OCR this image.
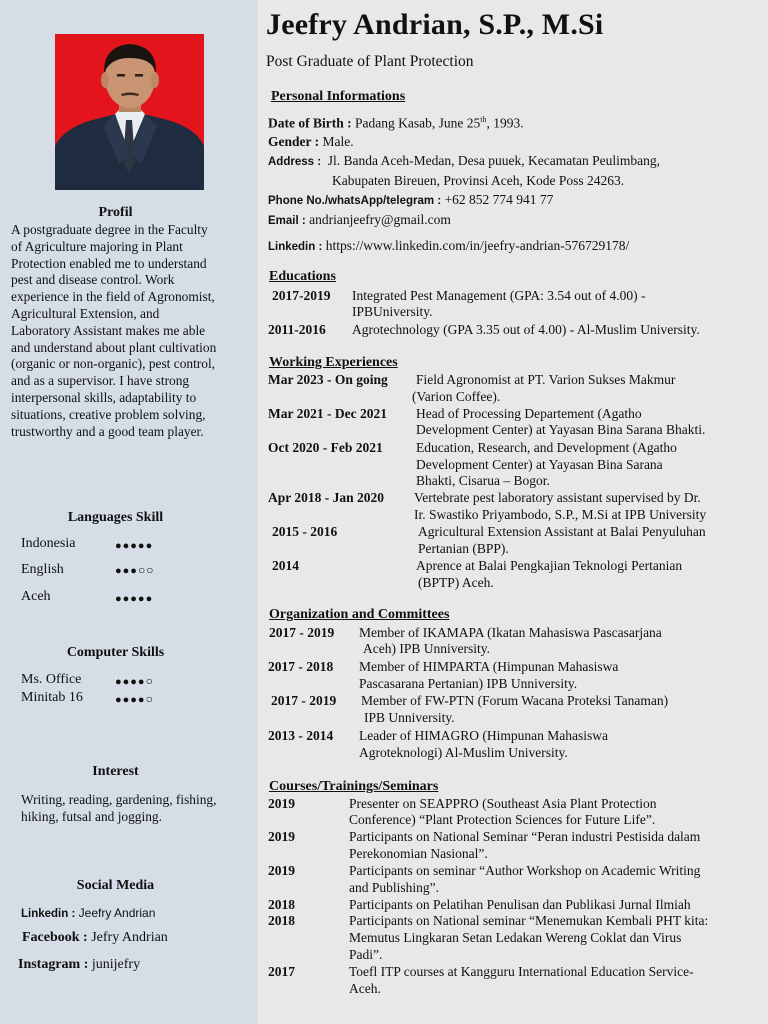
Profil
A postgraduate degree in the Faculty of Agriculture majoring in Plant Protection enabled me to understand pest and disease control. Work experience in the field of Agronomist, Agricultural Extension, and Laboratory Assistant makes me able and understand about plant cultivation (organic or non-organic), pest control, and as a supervisor. I have strong interpersonal skills, adaptability to situations, creative problem solving, trustworthy and a good team player.
Languages Skill
Indonesia	●●●●●
English	●●●○○
Aceh	●●●●●
Computer Skills
Ms. Office	●●●●○
Minitab 16	●●●●○
Interest
Writing, reading, gardening, fishing, hiking, futsal and jogging.
Social Media
Linkedin : Jeefry Andrian
Facebook : Jefry Andrian
Instagram : junijefry
Jeefry Andrian, S.P., M.Si
Post Graduate of Plant Protection
Personal Informations
Date of Birth : Padang Kasab, June 25th, 1993.
Gender : Male.
Address : Jl. Banda Aceh-Medan, Desa puuek, Kecamatan Peulimbang,
Kabupaten Bireuen, Provinsi Aceh, Kode Poss 24263.
Phone No./whatsApp/telegram : +62 852 774 941 77
Email : andrianjeefry@gmail.com
Linkedin : https://www.linkedin.com/in/jeefry-andrian-576729178/
Educations
2017-2019 Integrated Pest Management (GPA: 3.54 out of 4.00) -
IPBUniversity.
2011-2016 Agrotechnology (GPA 3.35 out of 4.00) - Al-Muslim University.
Working Experiences
Mar 2023 - On going Field Agronomist at PT. Varion Sukses Makmur
(Varion Coffee).
Mar 2021 - Dec 2021 Head of Processing Departement (Agatho
Development Center) at Yayasan Bina Sarana Bhakti.
Oct 2020 - Feb 2021 Education, Research, and Development (Agatho
Development Center) at Yayasan Bina Sarana
Bhakti, Cisarua – Bogor.
Apr 2018 - Jan 2020 Vertebrate pest laboratory assistant supervised by Dr.
Ir. Swastiko Priyambodo, S.P., M.Si at IPB University
2015 - 2016	Agricultural Extension Assistant at Balai Penyuluhan
Pertanian (BPP).
2014	Aprence at Balai Pengkajian Teknologi Pertanian
(BPTP) Aceh.
Organization and Committees
2017 - 2019 Member of IKAMAPA (Ikatan Mahasiswa Pascasarjana
Aceh) IPB Unniversity.
2017 - 2018 Member of HIMPARTA (Himpunan Mahasiswa
Pascasarana Pertanian) IPB Unniversity.
2017 - 2019 Member of FW-PTN (Forum Wacana Proteksi Tanaman)
IPB Unniversity.
2013 - 2014 Leader of HIMAGRO (Himpunan Mahasiswa
Agroteknologi) Al-Muslim University.
Courses/Trainings/Seminars
2019	Presenter on SEAPPRO (Southeast Asia Plant Protection
Conference) “Plant Protection Sciences for Future Life”.
2019	Participants on National Seminar “Peran industri Pestisida dalam
Perekonomian Nasional”.
2019	Participants on seminar “Author Workshop on Academic Writing
and Publishing”.
2018	Participants on Pelatihan Penulisan dan Publikasi Jurnal Ilmiah
2018	Participants on National seminar “Menemukan Kembali PHT kita:
Memutus Lingkaran Setan Ledakan Wereng Coklat dan Virus
Padi”.
2017	Toefl ITP courses at Kangguru International Education Service-
Aceh.
